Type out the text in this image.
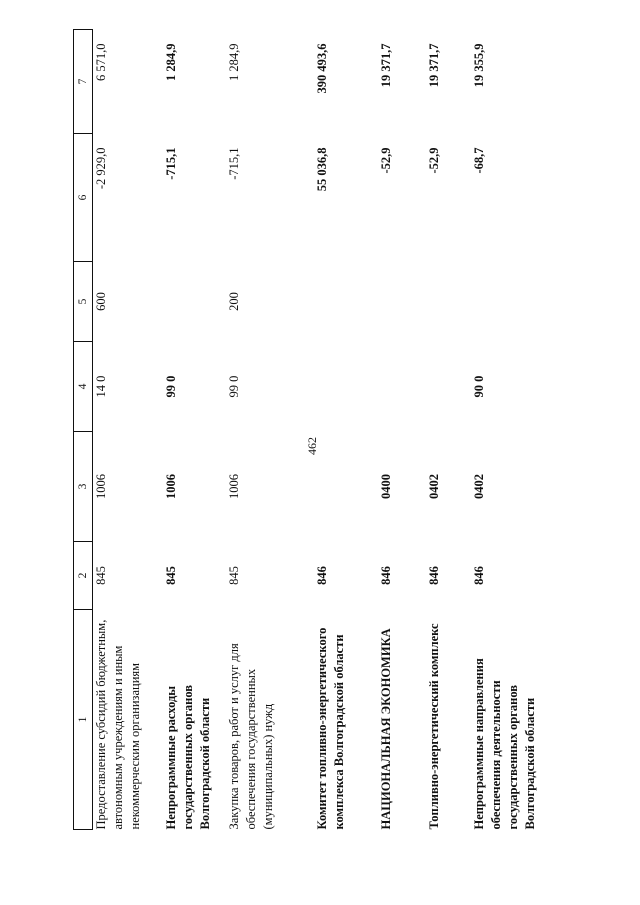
462
1	2	3	4	5	6	7
Предоставление субсидий бюджетным, автономным учреждениям и иным некоммерческим организациям	845	1006	14 0	600	-2 929,0	6 571,0
Непрограммные расходы государственных органов Волгоградской области	845	1006	99 0		-715,1	1 284,9
Закупка товаров, работ и услуг для обеспечения государственных (муниципальных) нужд	845	1006	99 0	200	-715,1	1 284,9
Комитет топливно-энергетического комплекса Волгоградской области	846				55 036,8	390 493,6
НАЦИОНАЛЬНАЯ ЭКОНОМИКА	846	0400			-52,9	19 371,7
Топливно-энергетический комплекс	846	0402			-52,9	19 371,7
Непрограммные направления обеспечения деятельности государственных органов Волгоградской области	846	0402	90 0		-68,7	19 355,9
